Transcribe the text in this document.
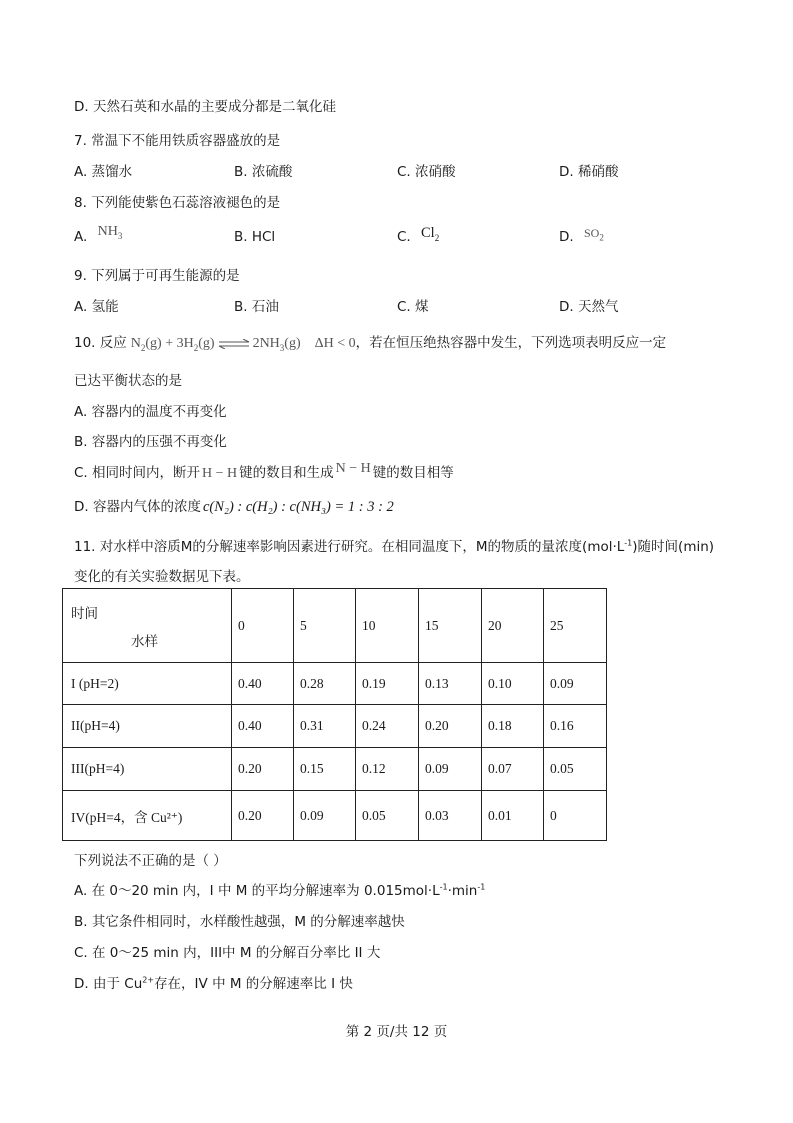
D. 天然石英和水晶的主要成分都是二氧化硅
7. 常温下不能用铁质容器盛放的是
A. 蒸馏水	B. 浓硫酸	C. 浓硝酸	D. 稀硝酸
8. 下列能使紫色石蕊溶液褪色的是
A. $NH_3$	B. HCl	C. $Cl_2$	D. $SO_2$
9. 下列属于可再生能源的是
A. 氢能	B. 石油	C. 煤	D. 天然气
10. 反应 $N_2(g) + 3H_2(g)$ ⇌ $2NH_3(g) \Delta H < 0$，若在恒压绝热容器中发生，下列选项表明反应一定
已达平衡状态的是
A. 容器内的温度不再变化
B. 容器内的压强不再变化
C. 相同时间内，断开 H − H 键的数目和生成 N − H 键的数目相等
D. 容器内气体的浓度 c(N₂) : c(H₂) : c(NH₃) = 1 : 3 : 2
11. 对水样中溶质M的分解速率影响因素进行研究。在相同温度下，M的物质的量浓度$(mol\cdot L^{-1})$随时间(min)
变化的有关实验数据见下表。
时间
水样	0	5	10	15	20	25
I (pH=2)	0.40	0.28	0.19	0.13	0.10	0.09
II(pH=4)	0.40	0.31	0.24	0.20	0.18	0.16
III(pH=4)	0.20	0.15	0.12	0.09	0.07	0.05
IV(pH=4，含 Cu²⁺)	0.20	0.09	0.05	0.03	0.01	0
下列说法不正确的是（ ）
A. 在 0～20 min 内，I 中 M 的平均分解速率为 $0.015mol\cdot L^{-1}\cdot\min^{-1}$
B. 其它条件相同时，水样酸性越强，M 的分解速率越快
C. 在 0～25 min 内，III中 M 的分解百分率比 II 大
D. 由于 $Cu^{2+}$存在，IV 中 M 的分解速率比 I 快
第 2 页/共 12 页
